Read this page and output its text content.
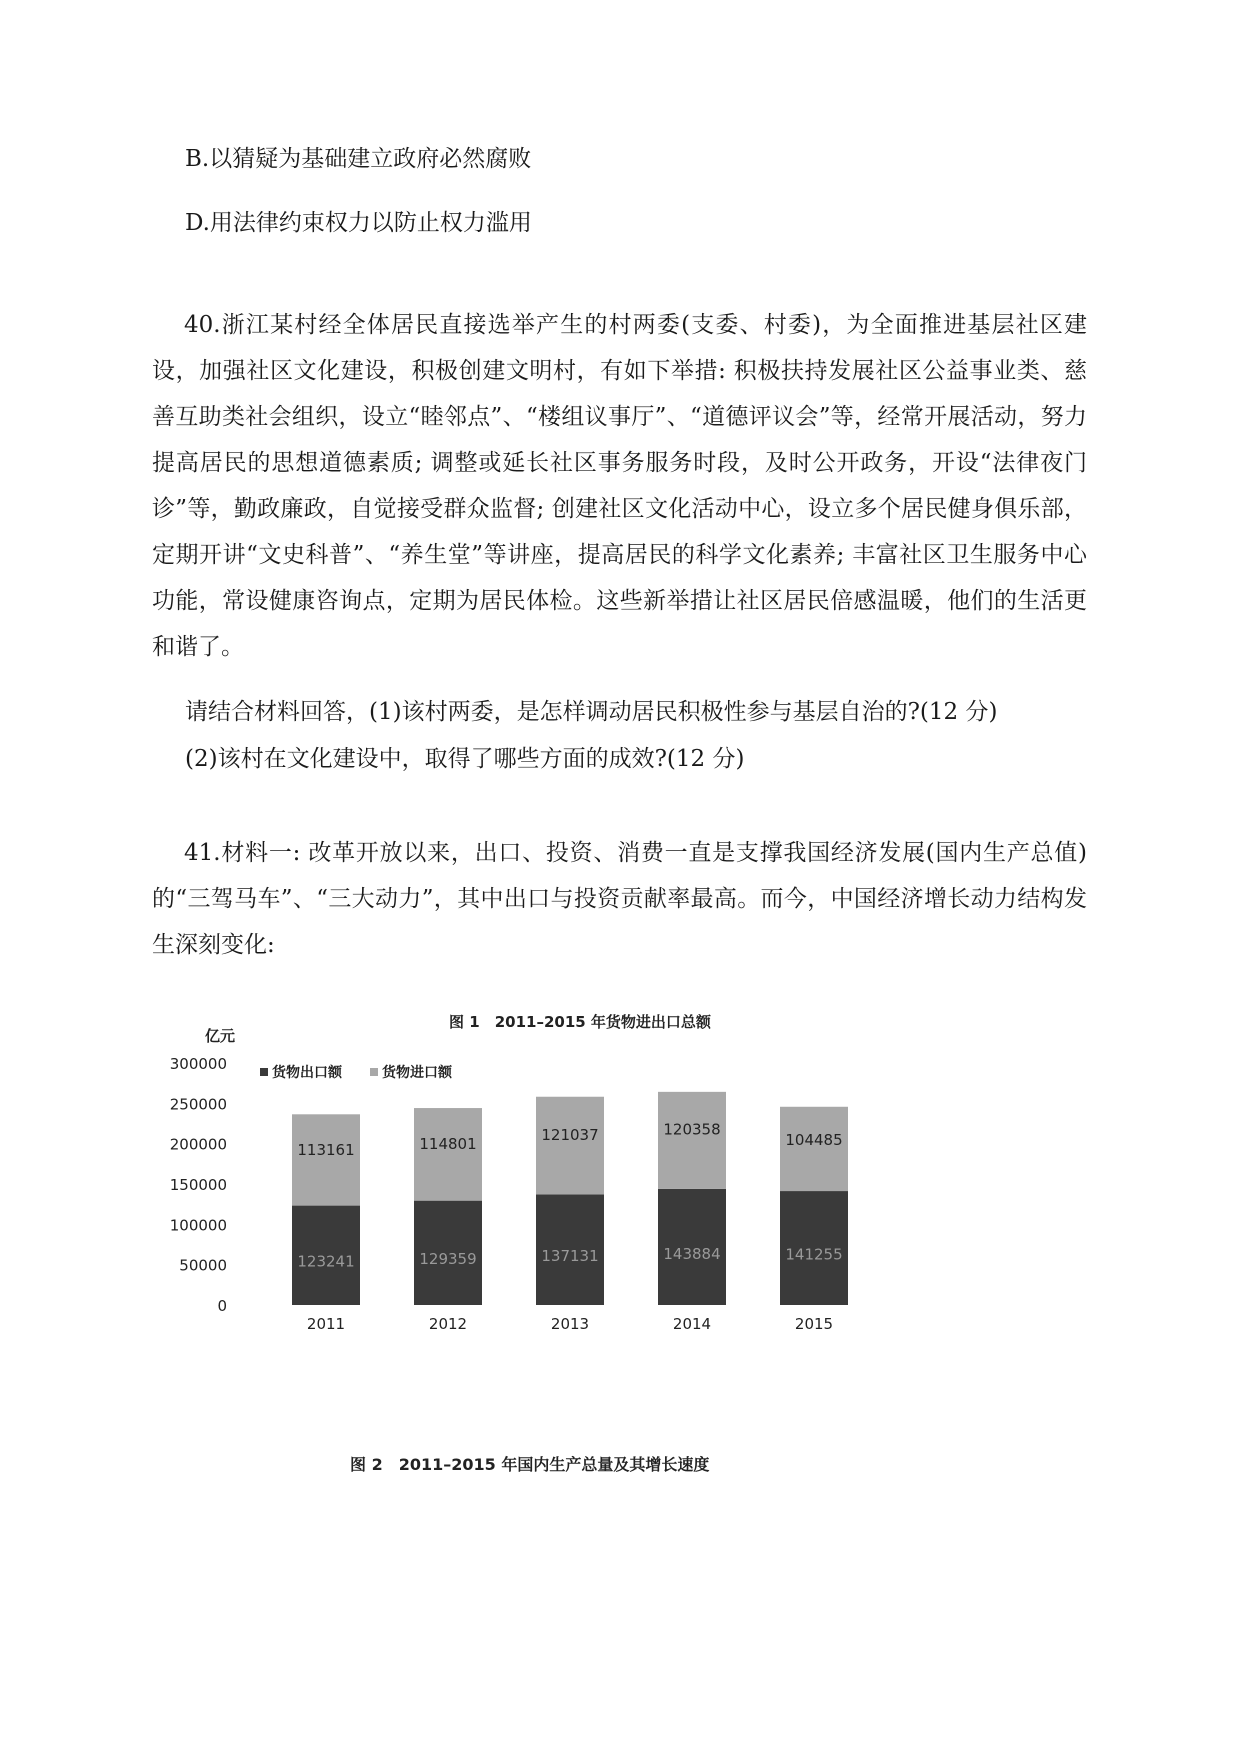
B.以猜疑为基础建立政府必然腐败
D.用法律约束权力以防止权力滥用
40.浙江某村经全体居民直接选举产生的村两委(支委、村委)，为全面推进基层社区建设，加强社区文化建设，积极创建文明村，有如下举措: 积极扶持发展社区公益事业类、慈善互助类社会组织，设立“睦邻点”、“楼组议事厅”、“道德评议会”等，经常开展活动，努力提高居民的思想道德素质; 调整或延长社区事务服务时段，及时公开政务，开设“法律夜门诊”等，勤政廉政，自觉接受群众监督; 创建社区文化活动中心，设立多个居民健身俱乐部，定期开讲“文史科普”、“养生堂”等讲座，提高居民的科学文化素养; 丰富社区卫生服务中心功能，常设健康咨询点，定期为居民体检。这些新举措让社区居民倍感温暖，他们的生活更和谐了。
请结合材料回答，(1)该村两委，是怎样调动居民积极性参与基层自治的?(12 分)
(2)该村在文化建设中，取得了哪些方面的成效?(12 分)
41.材料一: 改革开放以来，出口、投资、消费一直是支撑我国经济发展(国内生产总值)的“三驾马车”、“三大动力”，其中出口与投资贡献率最高。而今，中国经济增长动力结构发生深刻变化:
图 1　2011–2015 年货物进出口总额
亿元
0
50000
100000
150000
200000
250000
300000	货物出口额	货物进口额
123241
113161
2011
129359
114801
2012
137131
121037
2013
143884
120358
2014
141255
104485
2015
图 2　2011–2015 年国内生产总量及其增长速度
